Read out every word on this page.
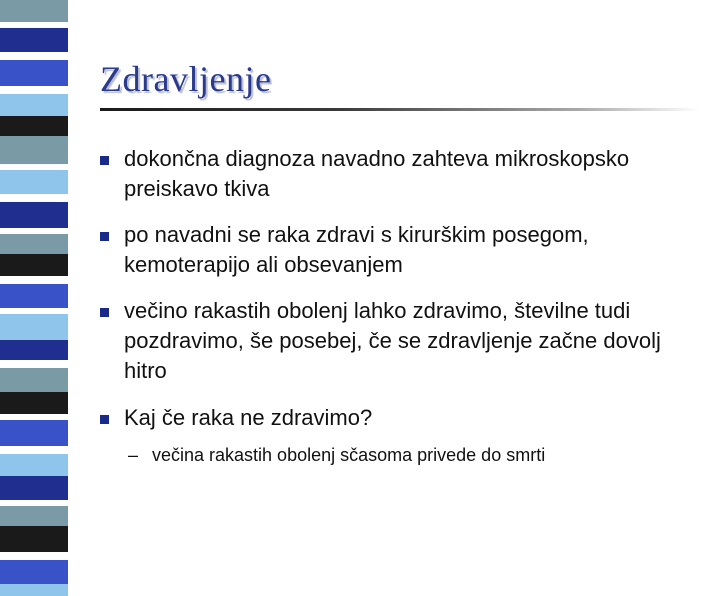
Zdravljenje
dokončna diagnoza navadno zahteva mikroskopsko preiskavo tkiva
po navadni se raka zdravi s kirurškim posegom, kemoterapijo ali obsevanjem
večino rakastih obolenj lahko zdravimo, številne tudi pozdravimo, še posebej, če se zdravljenje začne dovolj hitro
Kaj če raka ne zdravimo?
– večina rakastih obolenj sčasoma privede do smrti
